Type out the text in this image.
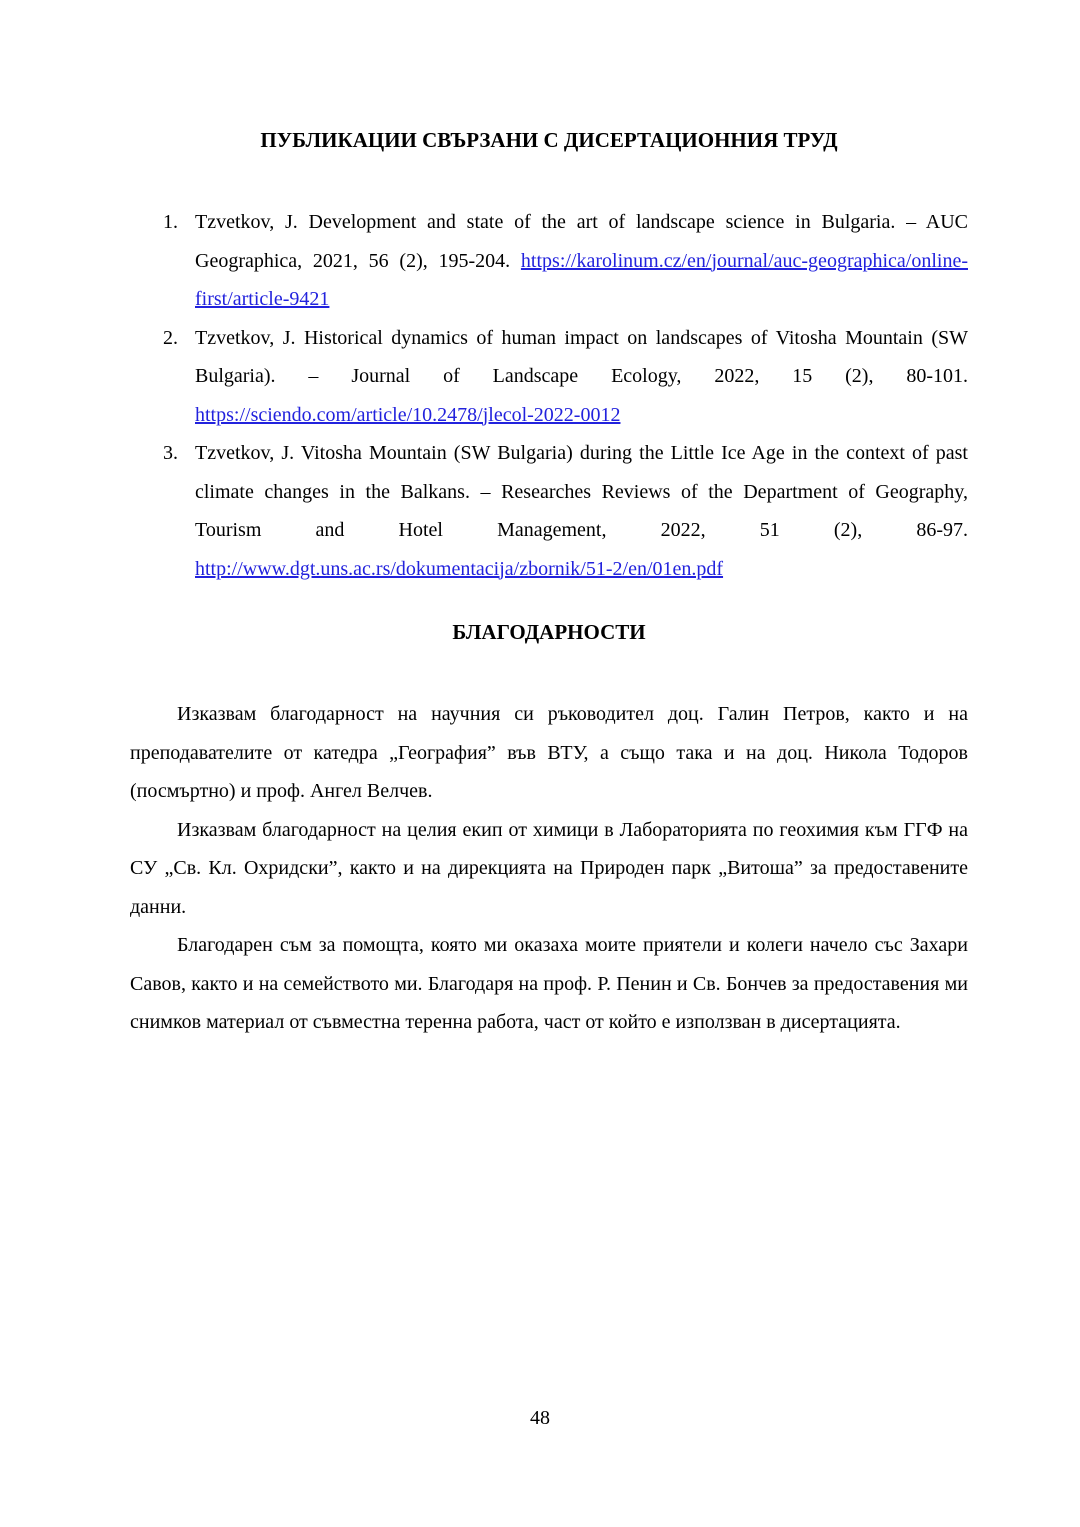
ПУБЛИКАЦИИ СВЪРЗАНИ С ДИСЕРТАЦИОННИЯ ТРУД
1. Tzvetkov, J. Development and state of the art of landscape science in Bulgaria. – AUC Geographica, 2021, 56 (2), 195-204. https://karolinum.cz/en/journal/auc-geographica/online-first/article-9421
2. Tzvetkov, J. Historical dynamics of human impact on landscapes of Vitosha Mountain (SW Bulgaria). – Journal of Landscape Ecology, 2022, 15 (2), 80-101. https://sciendo.com/article/10.2478/jlecol-2022-0012
3. Tzvetkov, J. Vitosha Mountain (SW Bulgaria) during the Little Ice Age in the context of past climate changes in the Balkans. – Researches Reviews of the Department of Geography, Tourism and Hotel Management, 2022, 51 (2), 86-97. http://www.dgt.uns.ac.rs/dokumentacija/zbornik/51-2/en/01en.pdf
БЛАГОДАРНОСТИ

Изказвам благодарност на научния си ръководител доц. Галин Петров, както и на преподавателите от катедра „География” във ВТУ, а също така и на доц. Никола Тодоров (посмъртно) и проф. Ангел Велчев.

Изказвам благодарност на целия екип от химици в Лабораторията по геохимия към ГГФ на СУ „Св. Кл. Охридски”, както и на дирекцията на Природен парк „Витоша” за предоставените данни.

Благодарен съм за помощта, която ми оказаха моите приятели и колеги начело със Захари Савов, както и на семейството ми. Благодаря на проф. Р. Пенин и Св. Бончев за предоставения ми снимков материал от съвместна теренна работа, част от който е използван в дисертацията.

48
